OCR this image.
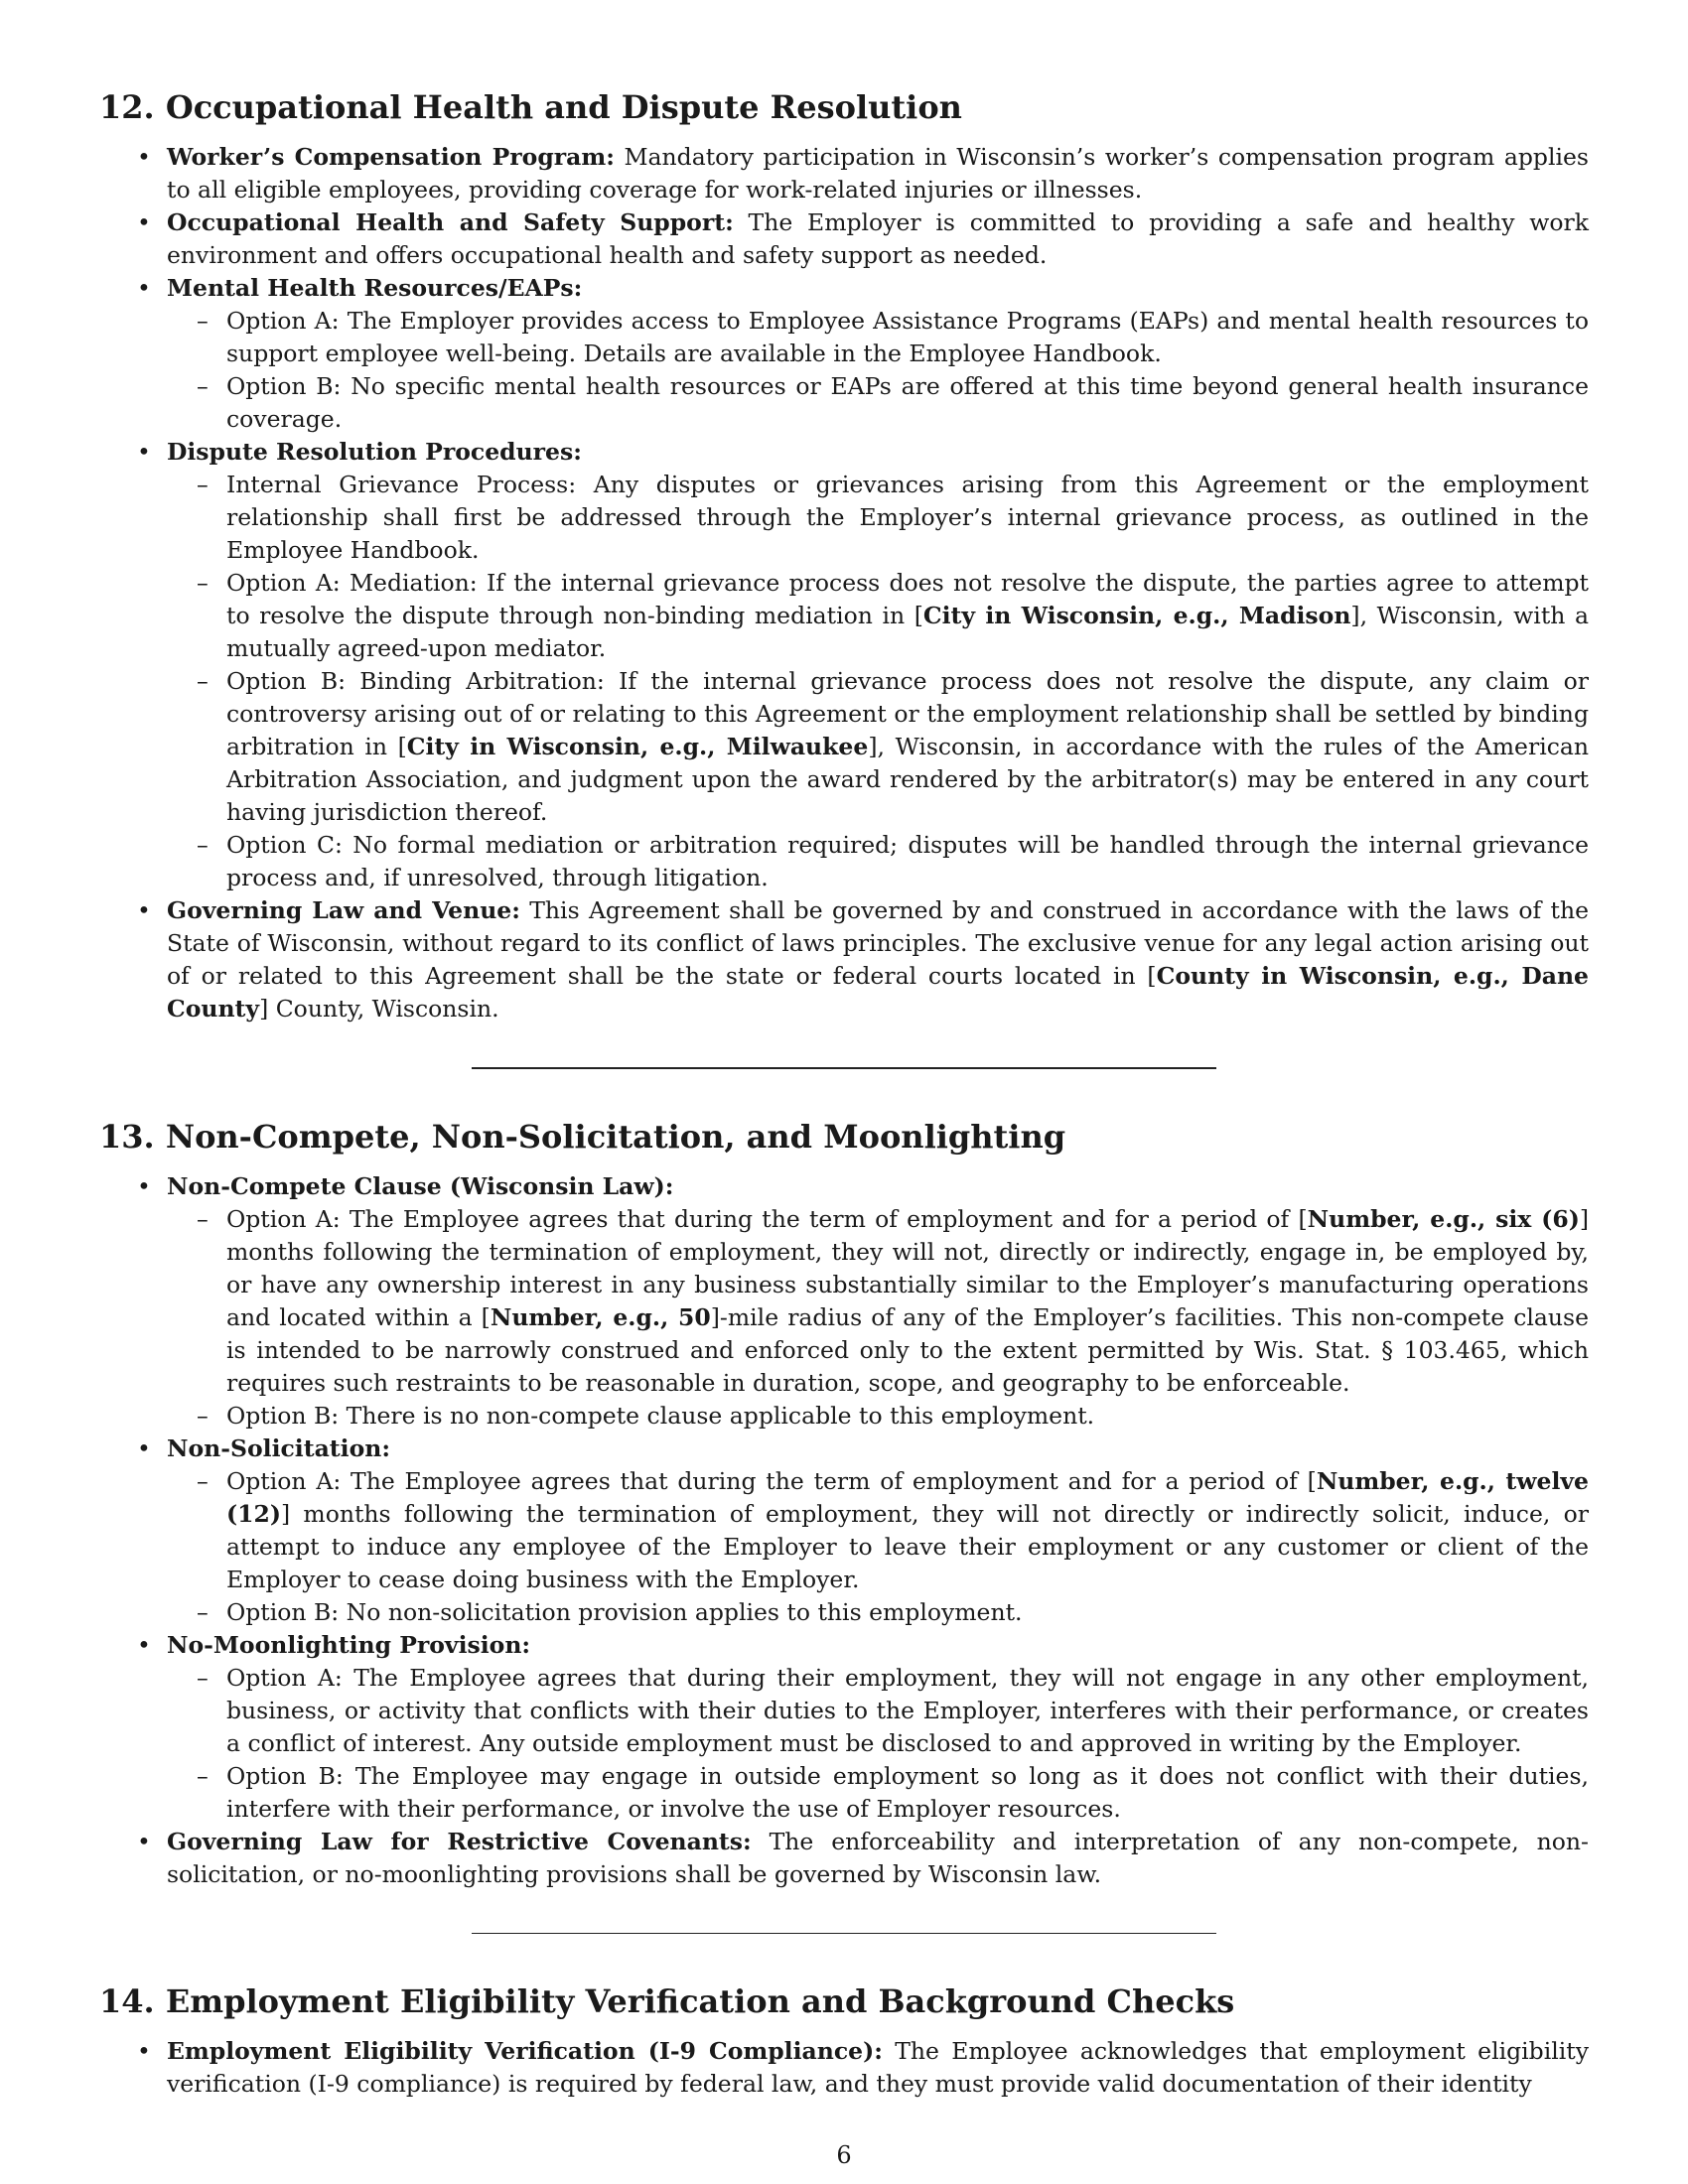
12. Occupational Health and Dispute Resolution
• Worker’s Compensation Program: Mandatory participation in Wisconsin’s worker’s compensation program applies to all eligible employees, providing coverage for work-related injuries or illnesses.
• Occupational Health and Safety Support: The Employer is committed to providing a safe and healthy work environment and offers occupational health and safety support as needed.
• Mental Health Resources/EAPs:
– Option A: The Employer provides access to Employee Assistance Programs (EAPs) and mental health resources to support employee well-being. Details are available in the Employee Handbook.
– Option B: No specific mental health resources or EAPs are offered at this time beyond general health insurance coverage.
• Dispute Resolution Procedures:
– Internal Grievance Process: Any disputes or grievances arising from this Agreement or the employment relationship shall first be addressed through the Employer’s internal grievance process, as outlined in the Employee Handbook.
– Option A: Mediation: If the internal grievance process does not resolve the dispute, the parties agree to attempt to resolve the dispute through non-binding mediation in [City in Wisconsin, e.g., Madison], Wisconsin, with a mutually agreed-upon mediator.
– Option B: Binding Arbitration: If the internal grievance process does not resolve the dispute, any claim or controversy arising out of or relating to this Agreement or the employment relationship shall be settled by binding arbitration in [City in Wisconsin, e.g., Milwaukee], Wisconsin, in accordance with the rules of the American Arbitration Association, and judgment upon the award rendered by the arbitrator(s) may be entered in any court having jurisdiction thereof.
– Option C: No formal mediation or arbitration required; disputes will be handled through the internal grievance process and, if unresolved, through litigation.
• Governing Law and Venue: This Agreement shall be governed by and construed in accordance with the laws of the State of Wisconsin, without regard to its conflict of laws principles. The exclusive venue for any legal action arising out of or related to this Agreement shall be the state or federal courts located in [County in Wisconsin, e.g., Dane County] County, Wisconsin.
13. Non-Compete, Non-Solicitation, and Moonlighting
• Non-Compete Clause (Wisconsin Law):
– Option A: The Employee agrees that during the term of employment and for a period of [Number, e.g., six (6)] months following the termination of employment, they will not, directly or indirectly, engage in, be employed by, or have any ownership interest in any business substantially similar to the Employer’s manufacturing operations and located within a [Number, e.g., 50]-mile radius of any of the Employer’s facilities. This non-compete clause is intended to be narrowly construed and enforced only to the extent permitted by Wis. Stat. § 103.465, which requires such restraints to be reasonable in duration, scope, and geography to be enforceable.
– Option B: There is no non-compete clause applicable to this employment.
• Non-Solicitation:
– Option A: The Employee agrees that during the term of employment and for a period of [Number, e.g., twelve (12)] months following the termination of employment, they will not directly or indirectly solicit, induce, or attempt to induce any employee of the Employer to leave their employment or any customer or client of the Employer to cease doing business with the Employer.
– Option B: No non-solicitation provision applies to this employment.
• No-Moonlighting Provision:
– Option A: The Employee agrees that during their employment, they will not engage in any other employment, business, or activity that conflicts with their duties to the Employer, interferes with their performance, or creates a conflict of interest. Any outside employment must be disclosed to and approved in writing by the Employer.
– Option B: The Employee may engage in outside employment so long as it does not conflict with their duties, interfere with their performance, or involve the use of Employer resources.
• Governing Law for Restrictive Covenants: The enforceability and interpretation of any non-compete, non-solicitation, or no-moonlighting provisions shall be governed by Wisconsin law.
14. Employment Eligibility Verification and Background Checks
• Employment Eligibility Verification (I-9 Compliance): The Employee acknowledges that employment eligibility verification (I-9 compliance) is required by federal law, and they must provide valid documentation of their identity
6
